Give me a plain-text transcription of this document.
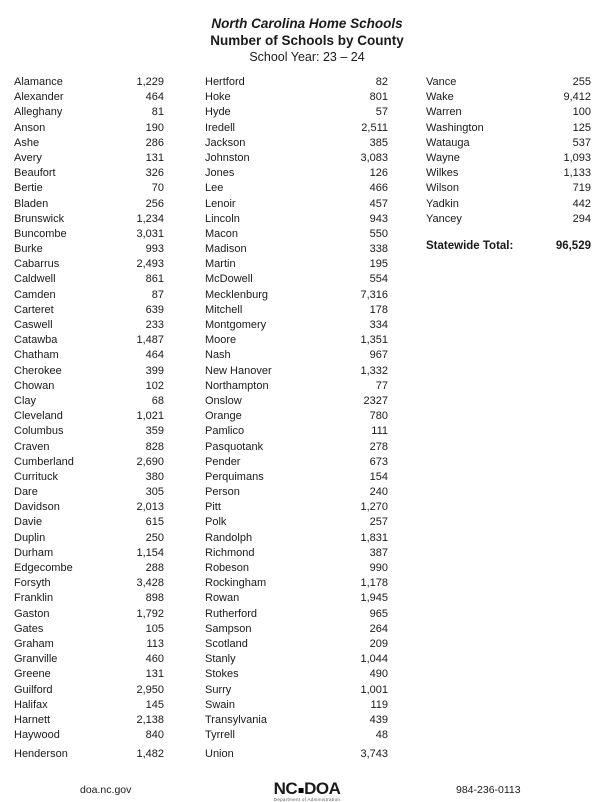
North Carolina Home Schools
Number of Schools by County
School Year: 23 – 24
Alamance	1,229
Alexander	464
Alleghany	81
Anson	190
Ashe	286
Avery	131
Beaufort	326
Bertie	70
Bladen	256
Brunswick	1,234
Buncombe	3,031
Burke	993
Cabarrus	2,493
Caldwell	861
Camden	87
Carteret	639
Caswell	233
Catawba	1,487
Chatham	464
Cherokee	399
Chowan	102
Clay	68
Cleveland	1,021
Columbus	359
Craven	828
Cumberland	2,690
Currituck	380
Dare	305
Davidson	2,013
Davie	615
Duplin	250
Durham	1,154
Edgecombe	288
Forsyth	3,428
Franklin	898
Gaston	1,792
Gates	105
Graham	113
Granville	460
Greene	131
Guilford	2,950
Halifax	145
Harnett	2,138
Haywood	840
Henderson	1,482
Hertford	82
Hoke	801
Hyde	57
Iredell	2,511
Jackson	385
Johnston	3,083
Jones	126
Lee	466
Lenoir	457
Lincoln	943
Macon	550
Madison	338
Martin	195
McDowell	554
Mecklenburg	7,316
Mitchell	178
Montgomery	334
Moore	1,351
Nash	967
New Hanover	1,332
Northampton	77
Onslow	2327
Orange	780
Pamlico	111
Pasquotank	278
Pender	673
Perquimans	154
Person	240
Pitt	1,270
Polk	257
Randolph	1,831
Richmond	387
Robeson	990
Rockingham	1,178
Rowan	1,945
Rutherford	965
Sampson	264
Scotland	209
Stanly	1,044
Stokes	490
Surry	1,001
Swain	119
Transylvania	439
Tyrrell	48
Union	3,743
Vance	255
Wake	9,412
Warren	100
Washington	125
Watauga	537
Wayne	1,093
Wilkes	1,133
Wilson	719
Yadkin	442
Yancey	294
Statewide Total:	96,529
doa.nc.gov	NC DOA
Department of Administration
984-236-0113
